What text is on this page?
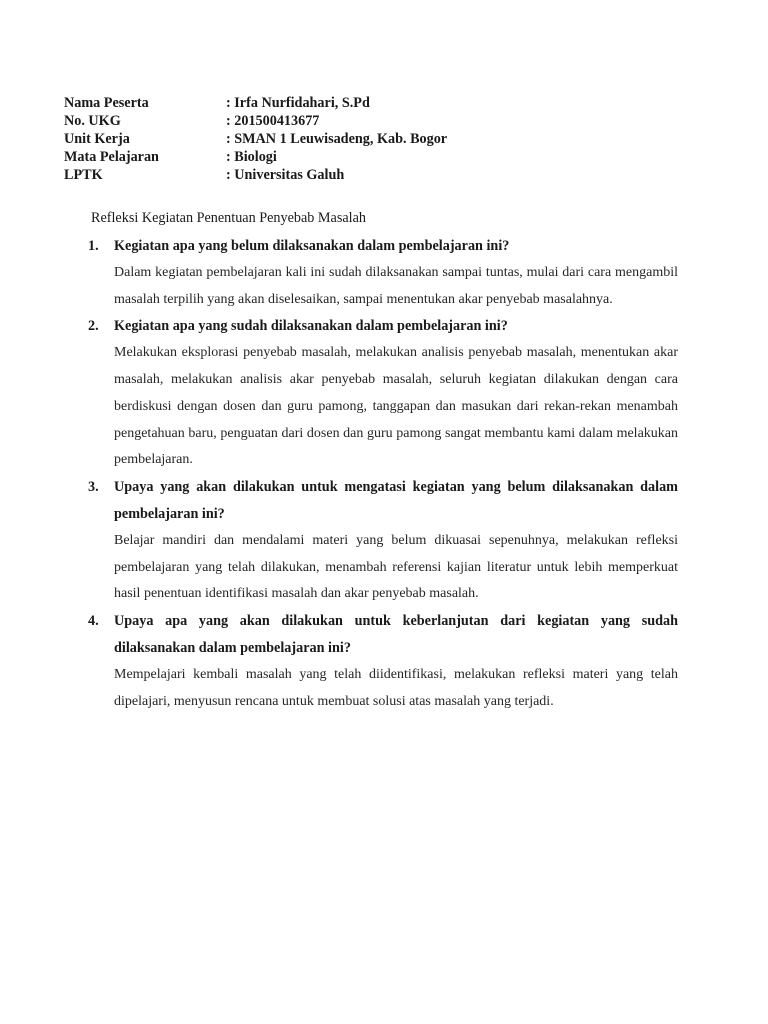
Nama Peserta	: Irfa Nurfidahari, S.Pd
No. UKG	: 201500413677
Unit Kerja	: SMAN 1 Leuwisadeng, Kab. Bogor
Mata Pelajaran	: Biologi
LPTK	: Universitas Galuh
Refleksi Kegiatan Penentuan Penyebab Masalah
1. Kegiatan apa yang belum dilaksanakan dalam pembelajaran ini?

Dalam kegiatan pembelajaran kali ini sudah dilaksanakan sampai tuntas, mulai dari cara mengambil masalah terpilih yang akan diselesaikan, sampai menentukan akar penyebab masalahnya.

2. Kegiatan apa yang sudah dilaksanakan dalam pembelajaran ini?

Melakukan eksplorasi penyebab masalah, melakukan analisis penyebab masalah, menentukan akar masalah, melakukan analisis akar penyebab masalah, seluruh kegiatan dilakukan dengan cara berdiskusi dengan dosen dan guru pamong, tanggapan dan masukan dari rekan-rekan menambah pengetahuan baru, penguatan dari dosen dan guru pamong sangat membantu kami dalam melakukan pembelajaran.

3. Upaya yang akan dilakukan untuk mengatasi kegiatan yang belum dilaksanakan dalam pembelajaran ini?

Belajar mandiri dan mendalami materi yang belum dikuasai sepenuhnya, melakukan refleksi pembelajaran yang telah dilakukan, menambah referensi kajian literatur untuk lebih memperkuat hasil penentuan identifikasi masalah dan akar penyebab masalah.

4. Upaya apa yang akan dilakukan untuk keberlanjutan dari kegiatan yang sudah dilaksanakan dalam pembelajaran ini?

Mempelajari kembali masalah yang telah diidentifikasi, melakukan refleksi materi yang telah dipelajari, menyusun rencana untuk membuat solusi atas masalah yang terjadi.
